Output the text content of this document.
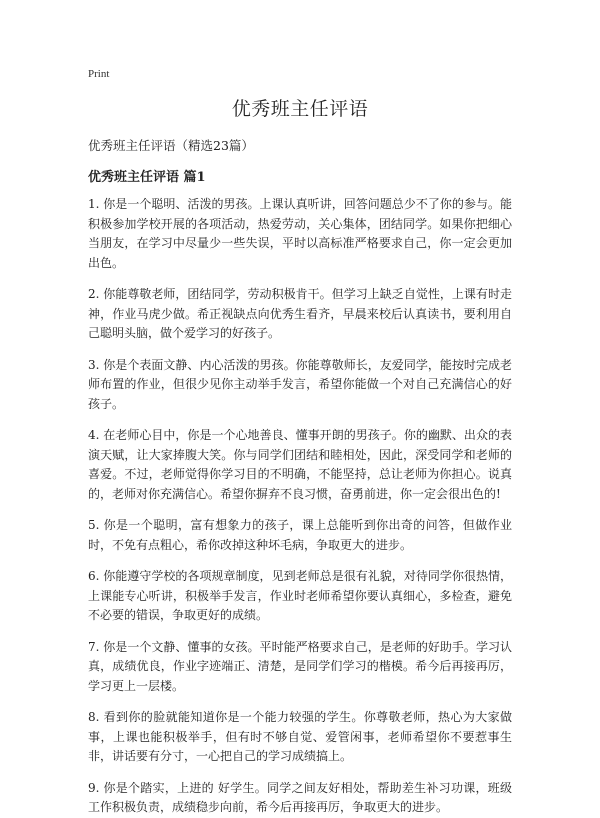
Print
优秀班主任评语

优秀班主任评语（精选23篇）

优秀班主任评语 篇1

1. 你是一个聪明、活泼的男孩。上课认真听讲，回答问题总少不了你的参与。能积极参加学校开展的各项活动，热爱劳动，关心集体，团结同学。如果你把细心当朋友，在学习中尽量少一些失误，平时以高标准严格要求自己，你一定会更加出色。

2. 你能尊敬老师，团结同学，劳动积极肯干。但学习上缺乏自觉性，上课有时走神，作业马虎少做。希正视缺点向优秀生看齐，早晨来校后认真读书，要利用自己聪明头脑，做个爱学习的好孩子。

3. 你是个表面文静、内心活泼的男孩。你能尊敬师长，友爱同学，能按时完成老师布置的作业，但很少见你主动举手发言，希望你能做一个对自己充满信心的好孩子。

4. 在老师心目中，你是一个心地善良、懂事开朗的男孩子。你的幽默、出众的表演天赋，让大家捧腹大笑。你与同学们团结和睦相处，因此，深受同学和老师的喜爱。不过，老师觉得你学习目的不明确，不能坚持，总让老师为你担心。说真的，老师对你充满信心。希望你摒弃不良习惯，奋勇前进，你一定会很出色的!

5. 你是一个聪明，富有想象力的孩子，课上总能听到你出奇的问答，但做作业时，不免有点粗心，希你改掉这种坏毛病，争取更大的进步。

6. 你能遵守学校的各项规章制度，见到老师总是很有礼貌，对待同学你很热情，上课能专心听讲，积极举手发言，作业时老师希望你要认真细心，多检查，避免不必要的错误，争取更好的成绩。

7. 你是一个文静、懂事的女孩。平时能严格要求自己，是老师的好助手。学习认真，成绩优良，作业字迹端正、清楚，是同学们学习的楷模。希今后再接再厉，学习更上一层楼。

8. 看到你的脸就能知道你是一个能力较强的学生。你尊敬老师，热心为大家做事，上课也能积极举手，但有时不够自觉、爱管闲事，老师希望你不要惹事生非，讲话要有分寸，一心把自己的学习成绩搞上。

9. 你是个踏实，上进的 好学生。同学之间友好相处，帮助差生补习功课，班级工作积极负责，成绩稳步向前，希今后再接再厉，争取更大的进步。
